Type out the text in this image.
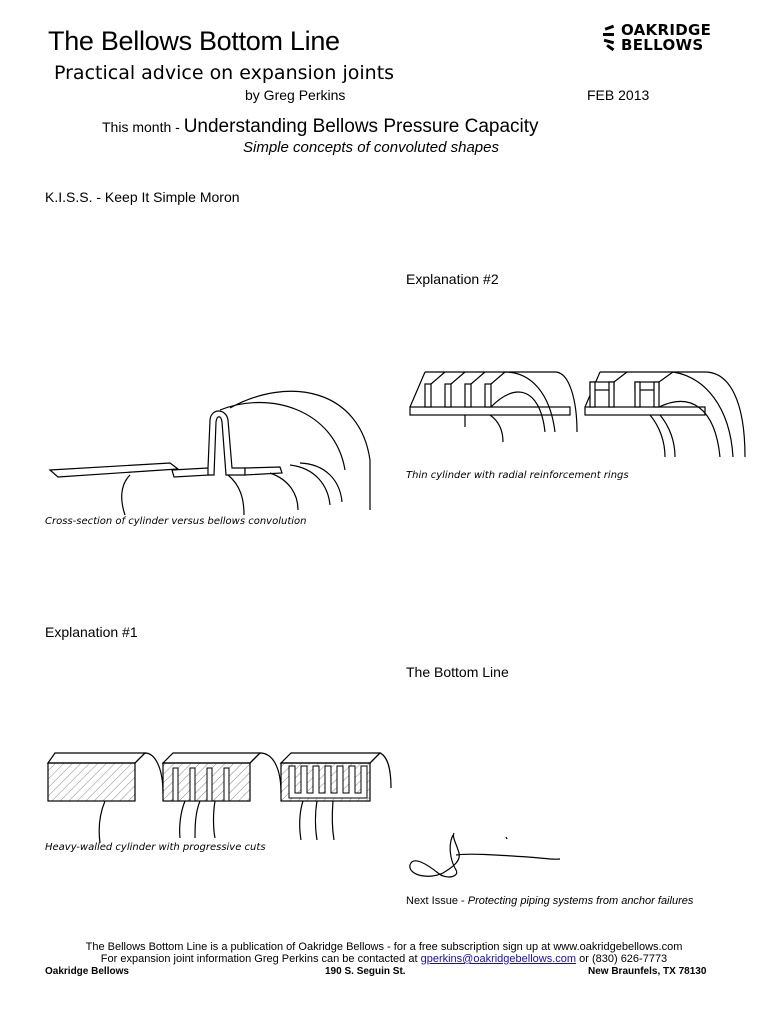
The Bellows Bottom Line
Practical advice on expansion joints
by Greg Perkins	FEB 2013
OAKRIDGE
BELLOWS
This month - Understanding Bellows Pressure Capacity
Simple concepts of convoluted shapes
K.I.S.S. - Keep It Simple Moron
Explanation #2
Explanation #1
The Bottom Line
Cross-section of cylinder versus bellows convolution
Thin cylinder with radial reinforcement rings
Heavy-walled cylinder with progressive cuts
Next Issue - Protecting piping systems from anchor failures
The Bellows Bottom Line is a publication of Oakridge Bellows - for a free subscription sign up at www.oakridgebellows.com
For expansion joint information Greg Perkins can be contacted at gperkins@oakridgebellows.com or (830) 626-7773
Oakridge Bellows	190 S. Seguin St.	New Braunfels, TX 78130
